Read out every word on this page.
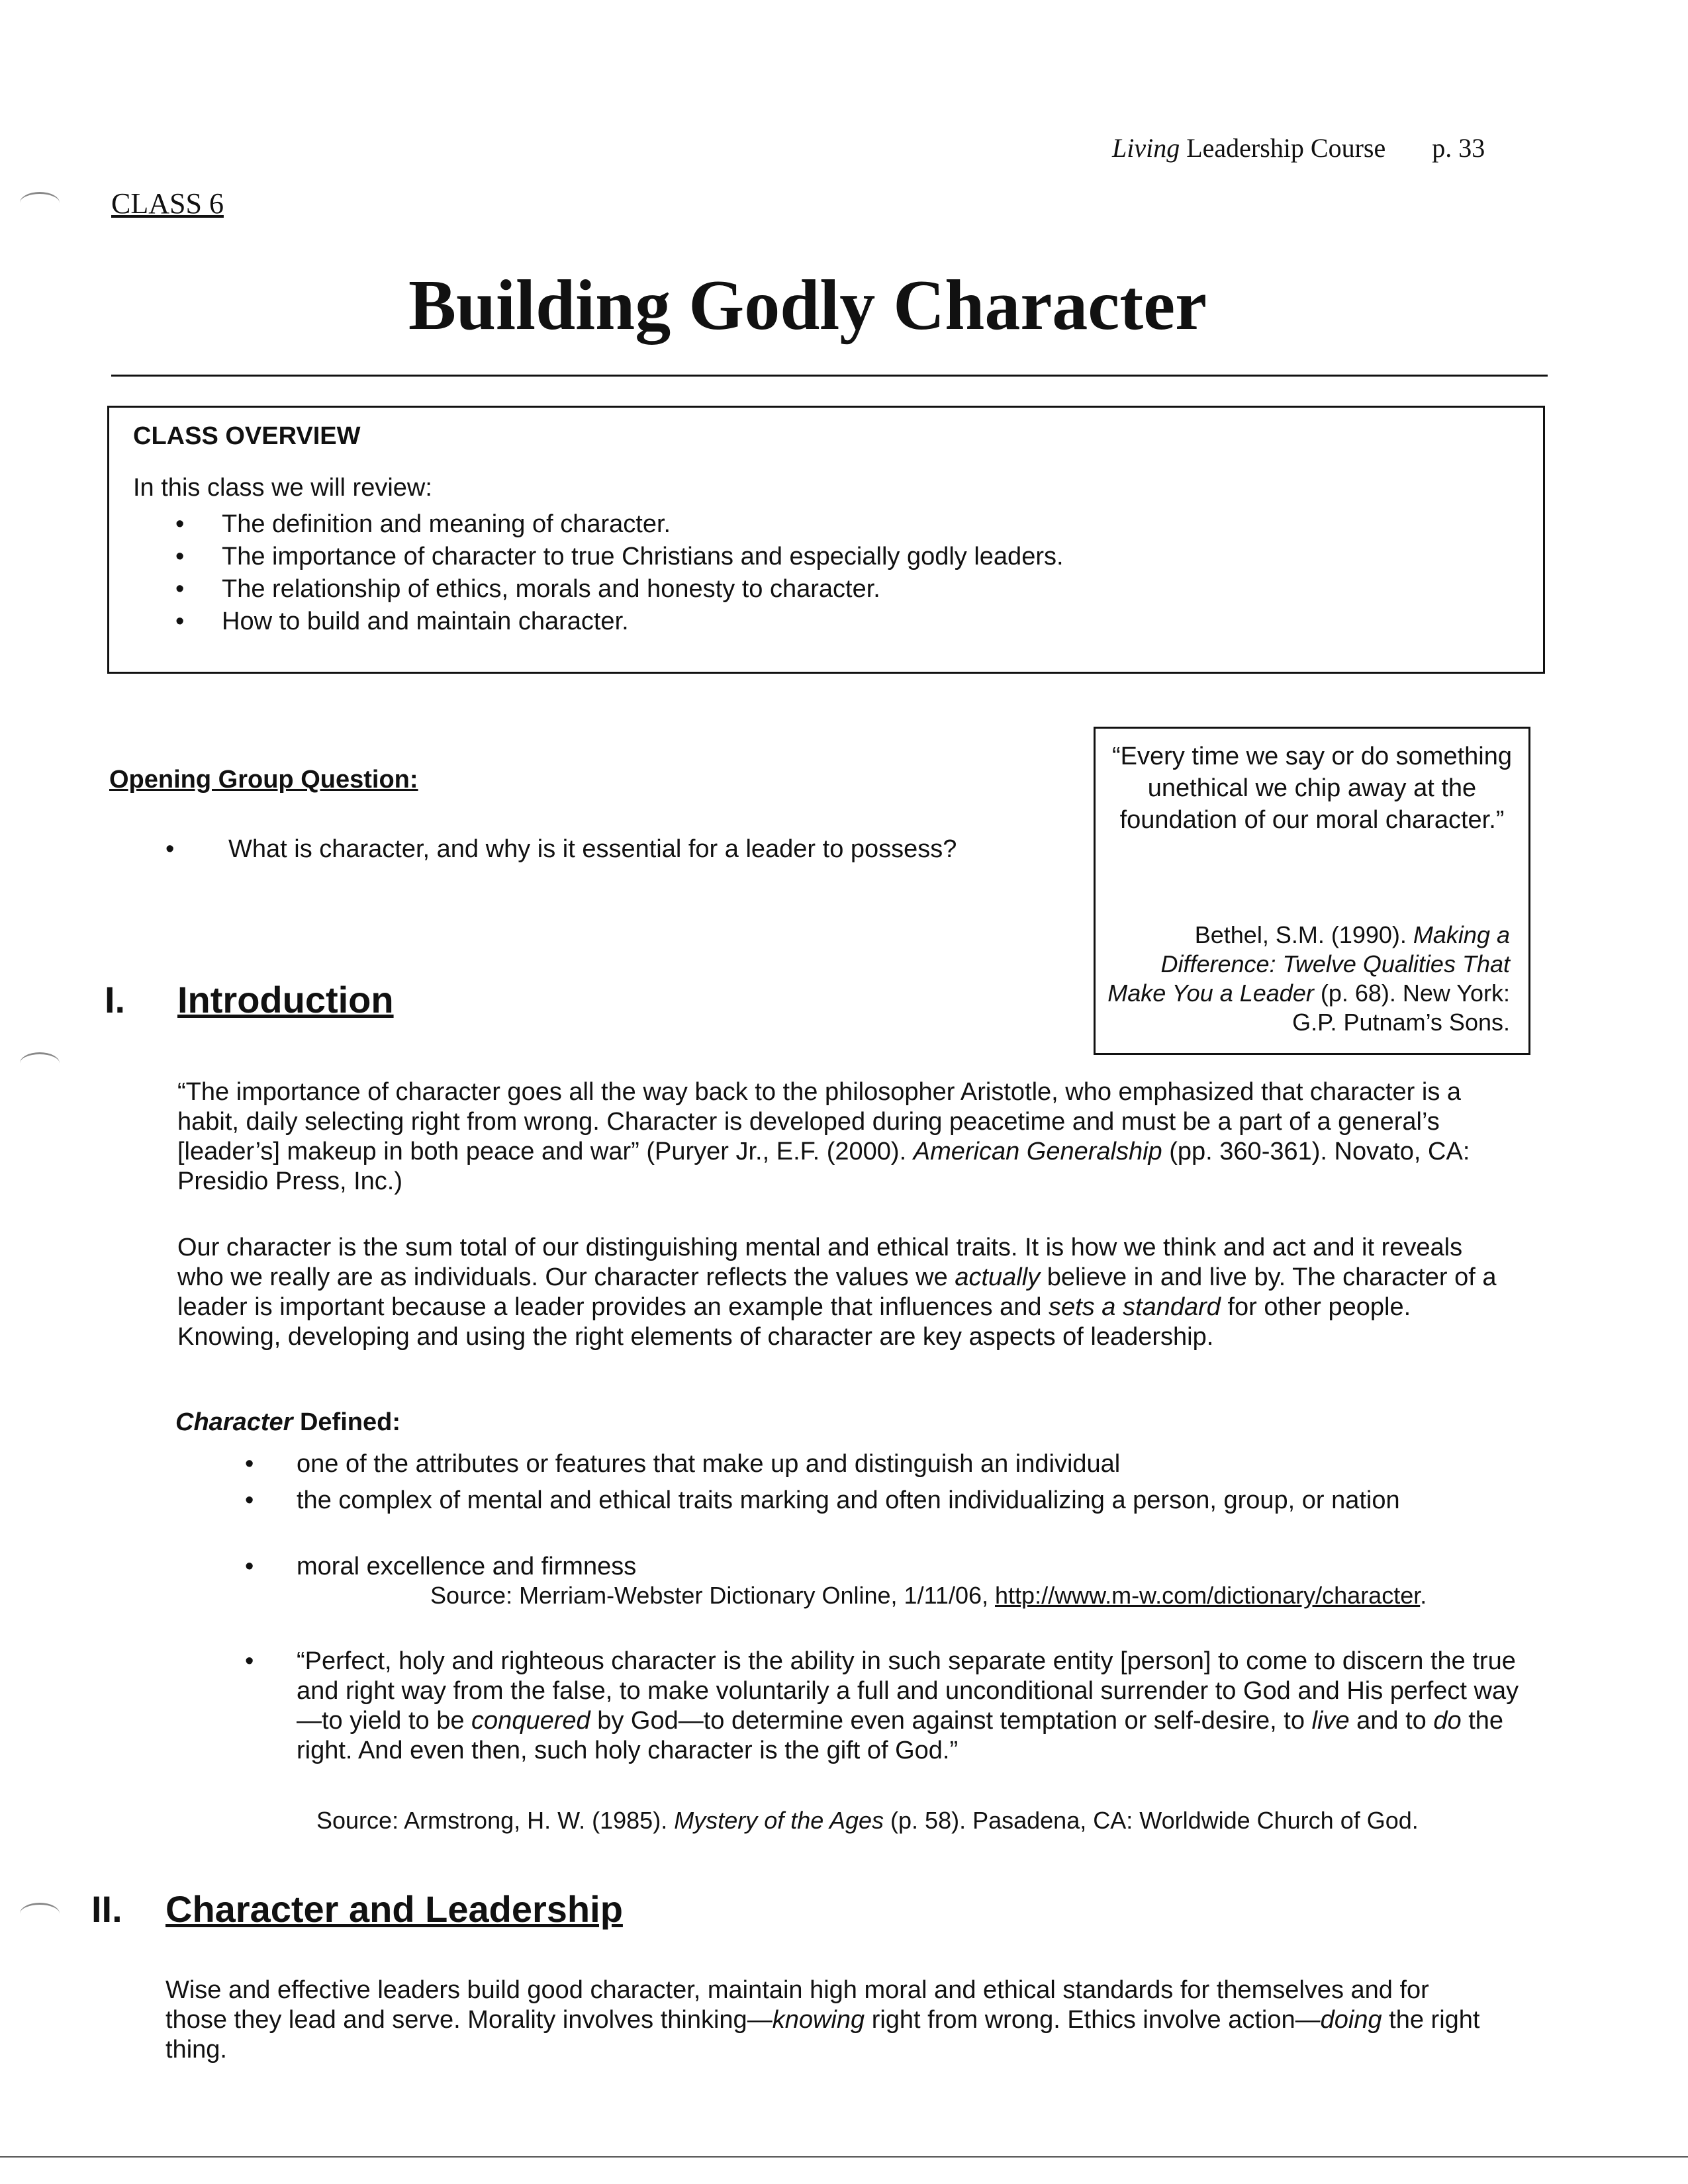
Living Leadership Course p. 33
CLASS 6
Building Godly Character
CLASS OVERVIEW
In this class we will review:
• The definition and meaning of character.
• The importance of character to true Christians and especially godly leaders.
• The relationship of ethics, morals and honesty to character.
• How to build and maintain character.
“Every time we say or do something unethical we chip away at the foundation of our moral character.”
Bethel, S.M. (1990). Making a Difference: Twelve Qualities That Make You a Leader (p. 68). New York: G.P. Putnam’s Sons.
Opening Group Question:
• What is character, and why is it essential for a leader to possess?
I. Introduction
“The importance of character goes all the way back to the philosopher Aristotle, who emphasized that character is a habit, daily selecting right from wrong. Character is developed during peacetime and must be a part of a general’s [leader’s] makeup in both peace and war” (Puryer Jr., E.F. (2000). American Generalship (pp. 360-361). Novato, CA: Presidio Press, Inc.)
Our character is the sum total of our distinguishing mental and ethical traits. It is how we think and act and it reveals who we really are as individuals. Our character reflects the values we actually believe in and live by. The character of a leader is important because a leader provides an example that influences and sets a standard for other people. Knowing, developing and using the right elements of character are key aspects of leadership.
Character Defined:
• one of the attributes or features that make up and distinguish an individual
• the complex of mental and ethical traits marking and often individualizing a person, group, or nation
• moral excellence and firmness
Source: Merriam-Webster Dictionary Online, 1/11/06, http://www.m-w.com/dictionary/character.
• “Perfect, holy and righteous character is the ability in such separate entity [person] to come to discern the true and right way from the false, to make voluntarily a full and unconditional surrender to God and His perfect way—to yield to be conquered by God—to determine even against temptation or self-desire, to live and to do the right. And even then, such holy character is the gift of God.”
Source: Armstrong, H. W. (1985). Mystery of the Ages (p. 58). Pasadena, CA: Worldwide Church of God.
II. Character and Leadership
Wise and effective leaders build good character, maintain high moral and ethical standards for themselves and for those they lead and serve. Morality involves thinking—knowing right from wrong. Ethics involve action—doing the right thing.
